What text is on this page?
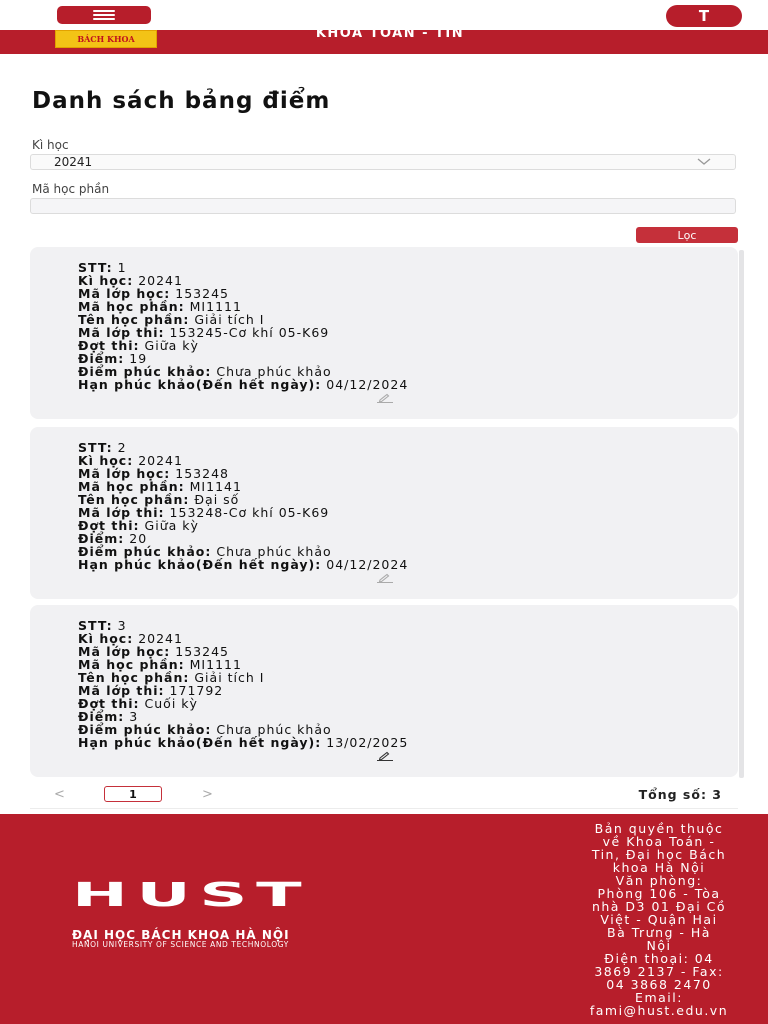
T
BÁCH KHOA	KHOA TOÁN - TIN
Danh sách bảng điểm
Kì học
20241
Mã học phần
Lọc
STT: 1
Kì học: 20241
Mã lớp học: 153245
Mã học phần: MI1111
Tên học phần: Giải tích I
Mã lớp thi: 153245-Cơ khí 05-K69
Đợt thi: Giữa kỳ
Điểm: 19
Điểm phúc khảo: Chưa phúc khảo
Hạn phúc khảo(Đến hết ngày): 04/12/2024
STT: 2
Kì học: 20241
Mã lớp học: 153248
Mã học phần: MI1141
Tên học phần: Đại số
Mã lớp thi: 153248-Cơ khí 05-K69
Đợt thi: Giữa kỳ
Điểm: 20
Điểm phúc khảo: Chưa phúc khảo
Hạn phúc khảo(Đến hết ngày): 04/12/2024
STT: 3
Kì học: 20241
Mã lớp học: 153245
Mã học phần: MI1111
Tên học phần: Giải tích I
Mã lớp thi: 171792
Đợt thi: Cuối kỳ
Điểm: 3
Điểm phúc khảo: Chưa phúc khảo
Hạn phúc khảo(Đến hết ngày): 13/02/2025
<	1	>	Tổng số: 3
HUST
ĐẠI HỌC BÁCH KHOA HÀ NỘI
HANOI UNIVERSITY OF SCIENCE AND TECHNOLOGY
Bản quyền thuộc
về Khoa Toán -
Tin, Đại học Bách
khoa Hà Nội
Văn phòng:
Phòng 106 - Tòa
nhà D3 01 Đại Cồ
Việt - Quận Hai
Bà Trưng - Hà
Nội
Điện thoại: 04
3869 2137 - Fax:
04 3868 2470
Email:
fami@hust.edu.vn
